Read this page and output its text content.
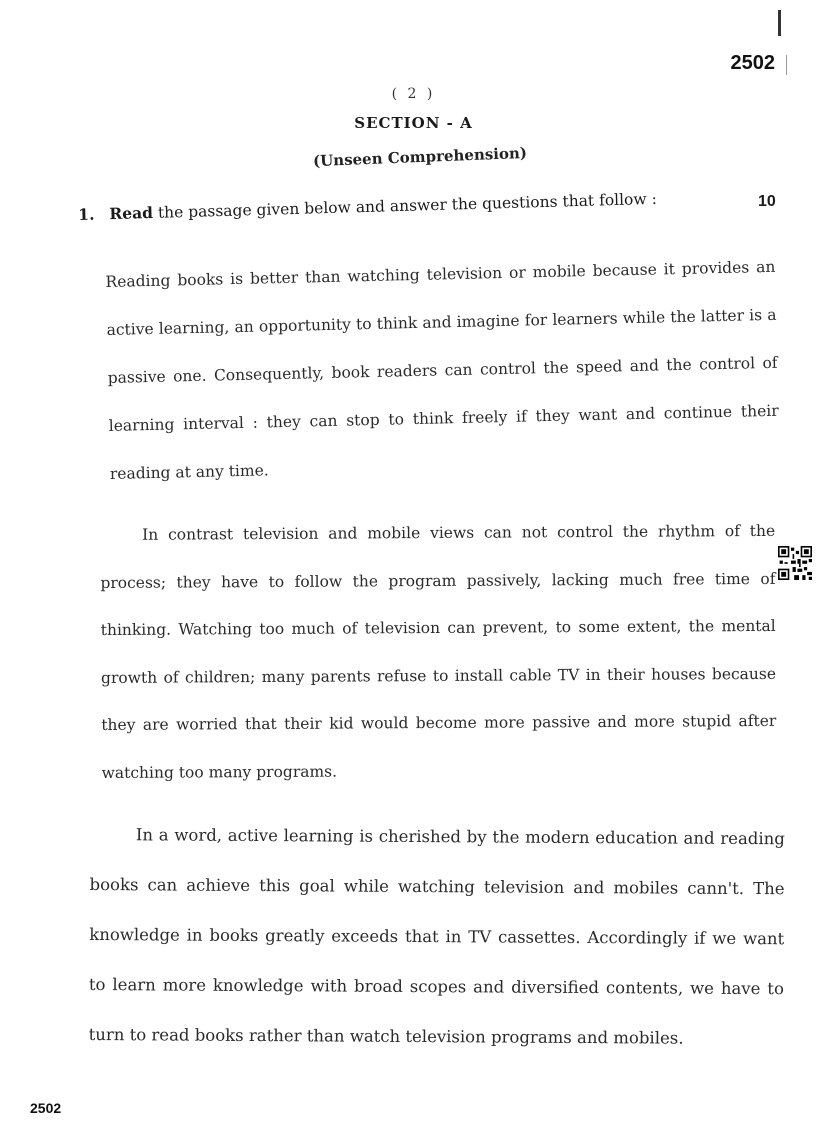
2502
( 2 )
SECTION - A
(Unseen Comprehension)
1. Read the passage given below and answer the questions that follow :	10

Reading books is better than watching television or mobile because it provides an active learning, an opportunity to think and imagine for learners while the latter is a passive one. Consequently, book readers can control the speed and the control of learning interval : they can stop to think freely if they want and continue their reading at any time.

In contrast television and mobile views can not control the rhythm of the process; they have to follow the program passively, lacking much free time of thinking. Watching too much of television can prevent, to some extent, the mental growth of children; many parents refuse to install cable TV in their houses because they are worried that their kid would become more passive and more stupid after watching too many programs.

In a word, active learning is cherished by the modern education and reading books can achieve this goal while watching television and mobiles cann't. The knowledge in books greatly exceeds that in TV cassettes. Accordingly if we want to learn more knowledge with broad scopes and diversified contents, we have to turn to read books rather than watch television programs and mobiles.

2502
